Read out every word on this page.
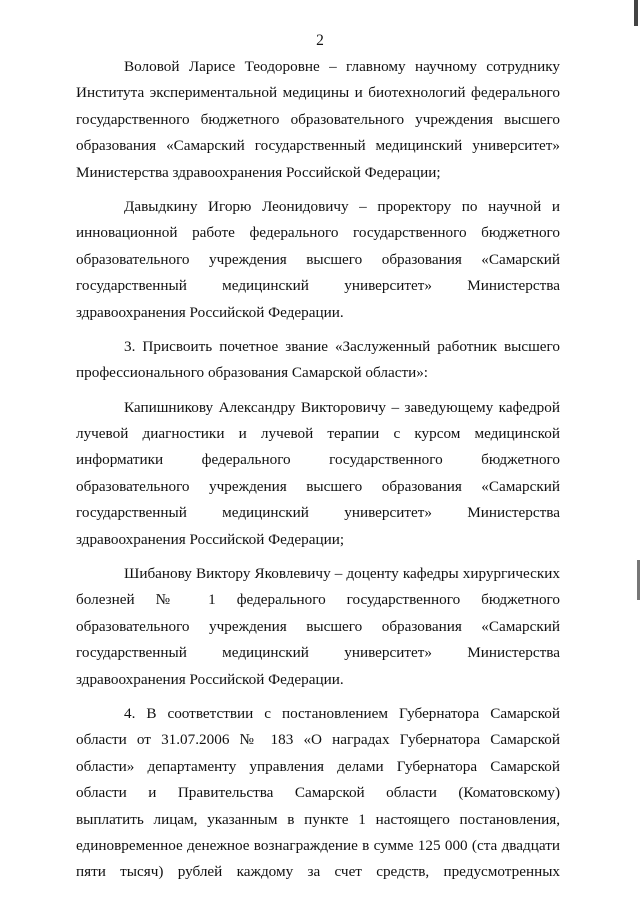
2
Воловой Ларисе Теодоровне – главному научному сотруднику
Института экспериментальной медицины и биотехнологий федерального
государственного бюджетного образовательного учреждения высшего
образования «Самарский государственный медицинский университет»
Министерства здравоохранения Российской Федерации;
Давыдкину Игорю Леонидовичу – проректору по научной и
инновационной работе федерального государственного бюджетного
образовательного учреждения высшего образования «Самарский
государственный медицинский университет» Министерства
здравоохранения Российской Федерации.
3. Присвоить почетное звание «Заслуженный работник высшего
профессионального образования Самарской области»:
Капишникову Александру Викторовичу – заведующему кафедрой
лучевой диагностики и лучевой терапии с курсом медицинской
информатики федерального государственного бюджетного
образовательного учреждения высшего образования «Самарский
государственный медицинский университет» Министерства
здравоохранения Российской Федерации;
Шибанову Виктору Яковлевичу – доценту кафедры хирургических
болезней № 1 федерального государственного бюджетного
образовательного учреждения высшего образования «Самарский
государственный медицинский университет» Министерства
здравоохранения Российской Федерации.
4. В соответствии с постановлением Губернатора Самарской
области от 31.07.2006 № 183 «О наградах Губернатора Самарской
области» департаменту управления делами Губернатора Самарской
области и Правительства Самарской области (Коматовскому)
выплатить лицам, указанным в пункте 1 настоящего постановления,
единовременное денежное вознаграждение в сумме 125 000 (ста двадцати
пяти тысяч) рублей каждому за счет средств, предусмотренных
